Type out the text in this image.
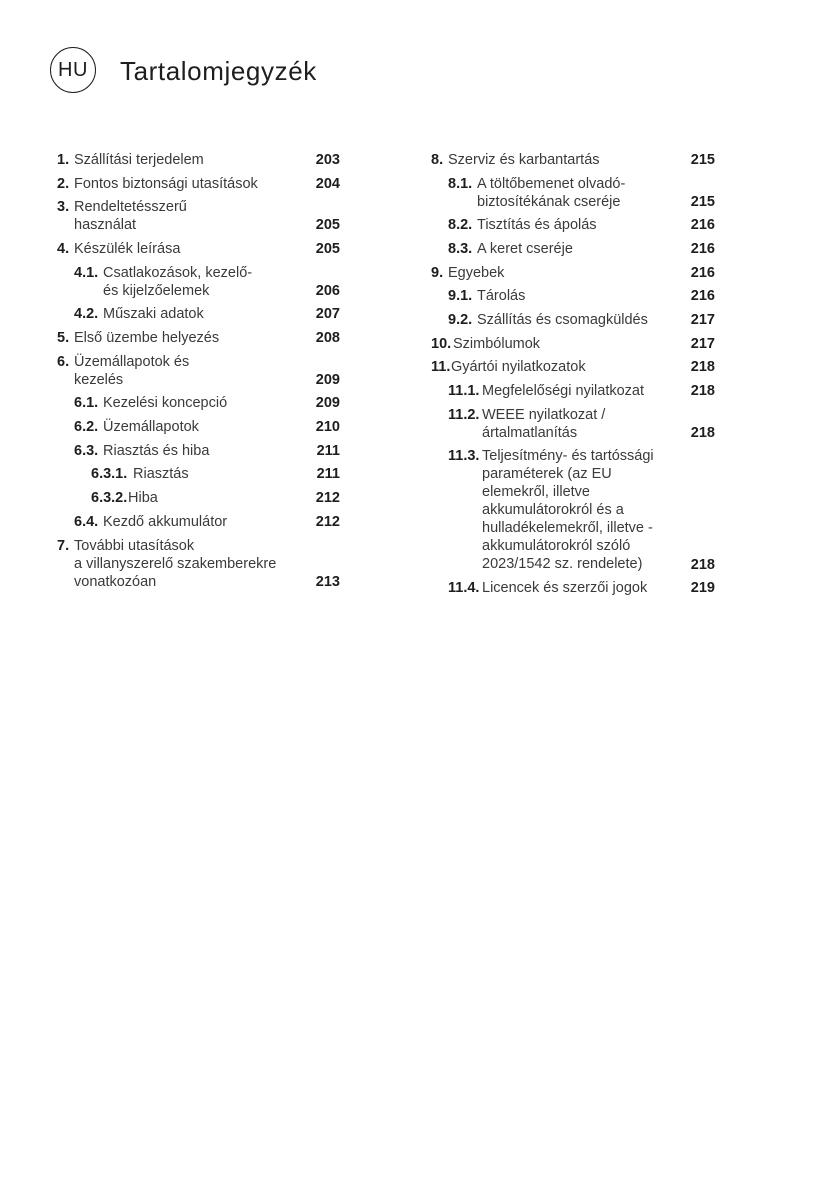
HU Tartalomjegyzék
1. Szállítási terjedelem	203
2. Fontos biztonsági utasítások	204
3. Rendeltetésszerű
használat	205
4. Készülék leírása	205
4.1. Csatlakozások, kezelő-
és kijelzőelemek	206
4.2. Műszaki adatok	207
5. Első üzembe helyezés	208
6. Üzemállapotok és
kezelés	209
6.1. Kezelési koncepció	209
6.2. Üzemállapotok	210
6.3. Riasztás és hiba	211
6.3.1. Riasztás	211
6.3.2. Hiba	212
6.4. Kezdő akkumulátor	212
7. További utasítások
a villanyszerelő szakemberekre
vonatkozóan	213
8. Szerviz és karbantartás	215
8.1. A töltőbemenet olvadó-
biztosítékának cseréje	215
8.2. Tisztítás és ápolás	216
8.3. A keret cseréje	216
9. Egyebek	216
9.1. Tárolás	216
9.2. Szállítás és csomagküldés	217
10. Szimbólumok	217
11. Gyártói nyilatkozatok	218
11.1. Megfelelőségi nyilatkozat	218
11.2. WEEE nyilatkozat /
ártalmatlanítás	218
11.3. Teljesítmény- és tartóssági
paraméterek (az EU
elemekről, illetve
akkumulátorokról és a
hulladékelemekről, illetve -
akkumulátorokról szóló
2023/1542 sz. rendelete)	218
11.4. Licencek és szerzői jogok	219
